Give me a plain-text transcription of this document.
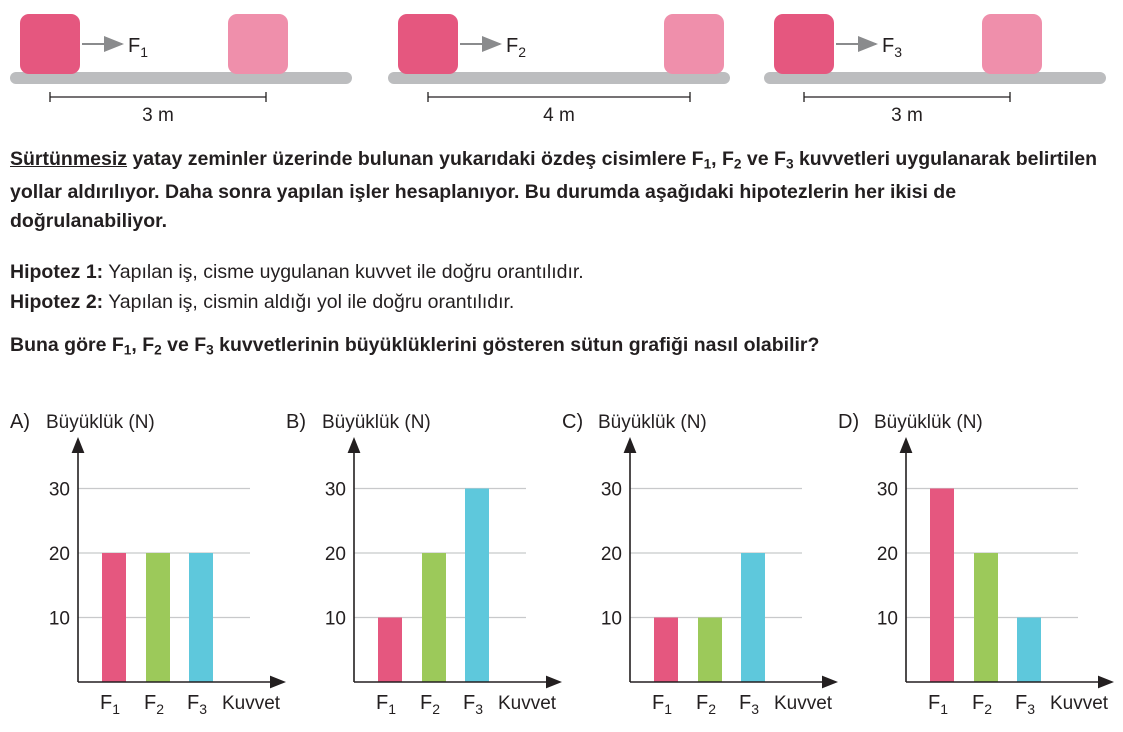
$F_1$
3 m
$F_2$
4 m
$F_3$
3 m
Sürtünmesiz yatay zeminler üzerinde bulunan yukarıdaki özdeş cisimlere $F_1$, $F_2$ ve $F_3$ kuvvetleri uygulanarak belirtilen yollar aldırılıyor. Daha sonra yapılan işler hesaplanıyor. Bu durumda aşağıdaki hipotezlerin her ikisi de doğrulanabiliyor.
Hipotez 1: Yapılan iş, cisme uygulanan kuvvet ile doğru orantılıdır.
Hipotez 2: Yapılan iş, cismin aldığı yol ile doğru orantılıdır.
Buna göre $F_1$, $F_2$ ve $F_3$ kuvvetlerinin büyüklüklerini gösteren sütun grafiği nasıl olabilir?
A) Büyüklük (N)
10
20
30
$F_1$ $F_2$ $F_3$ Kuvvet
B) Büyüklük (N)
10
20
30
$F_1$ $F_2$ $F_3$ Kuvvet
C) Büyüklük (N)
10
20
30
$F_1$ $F_2$ $F_3$ Kuvvet
D) Büyüklük (N)
10
20
30
$F_1$ $F_2$ $F_3$ Kuvvet
